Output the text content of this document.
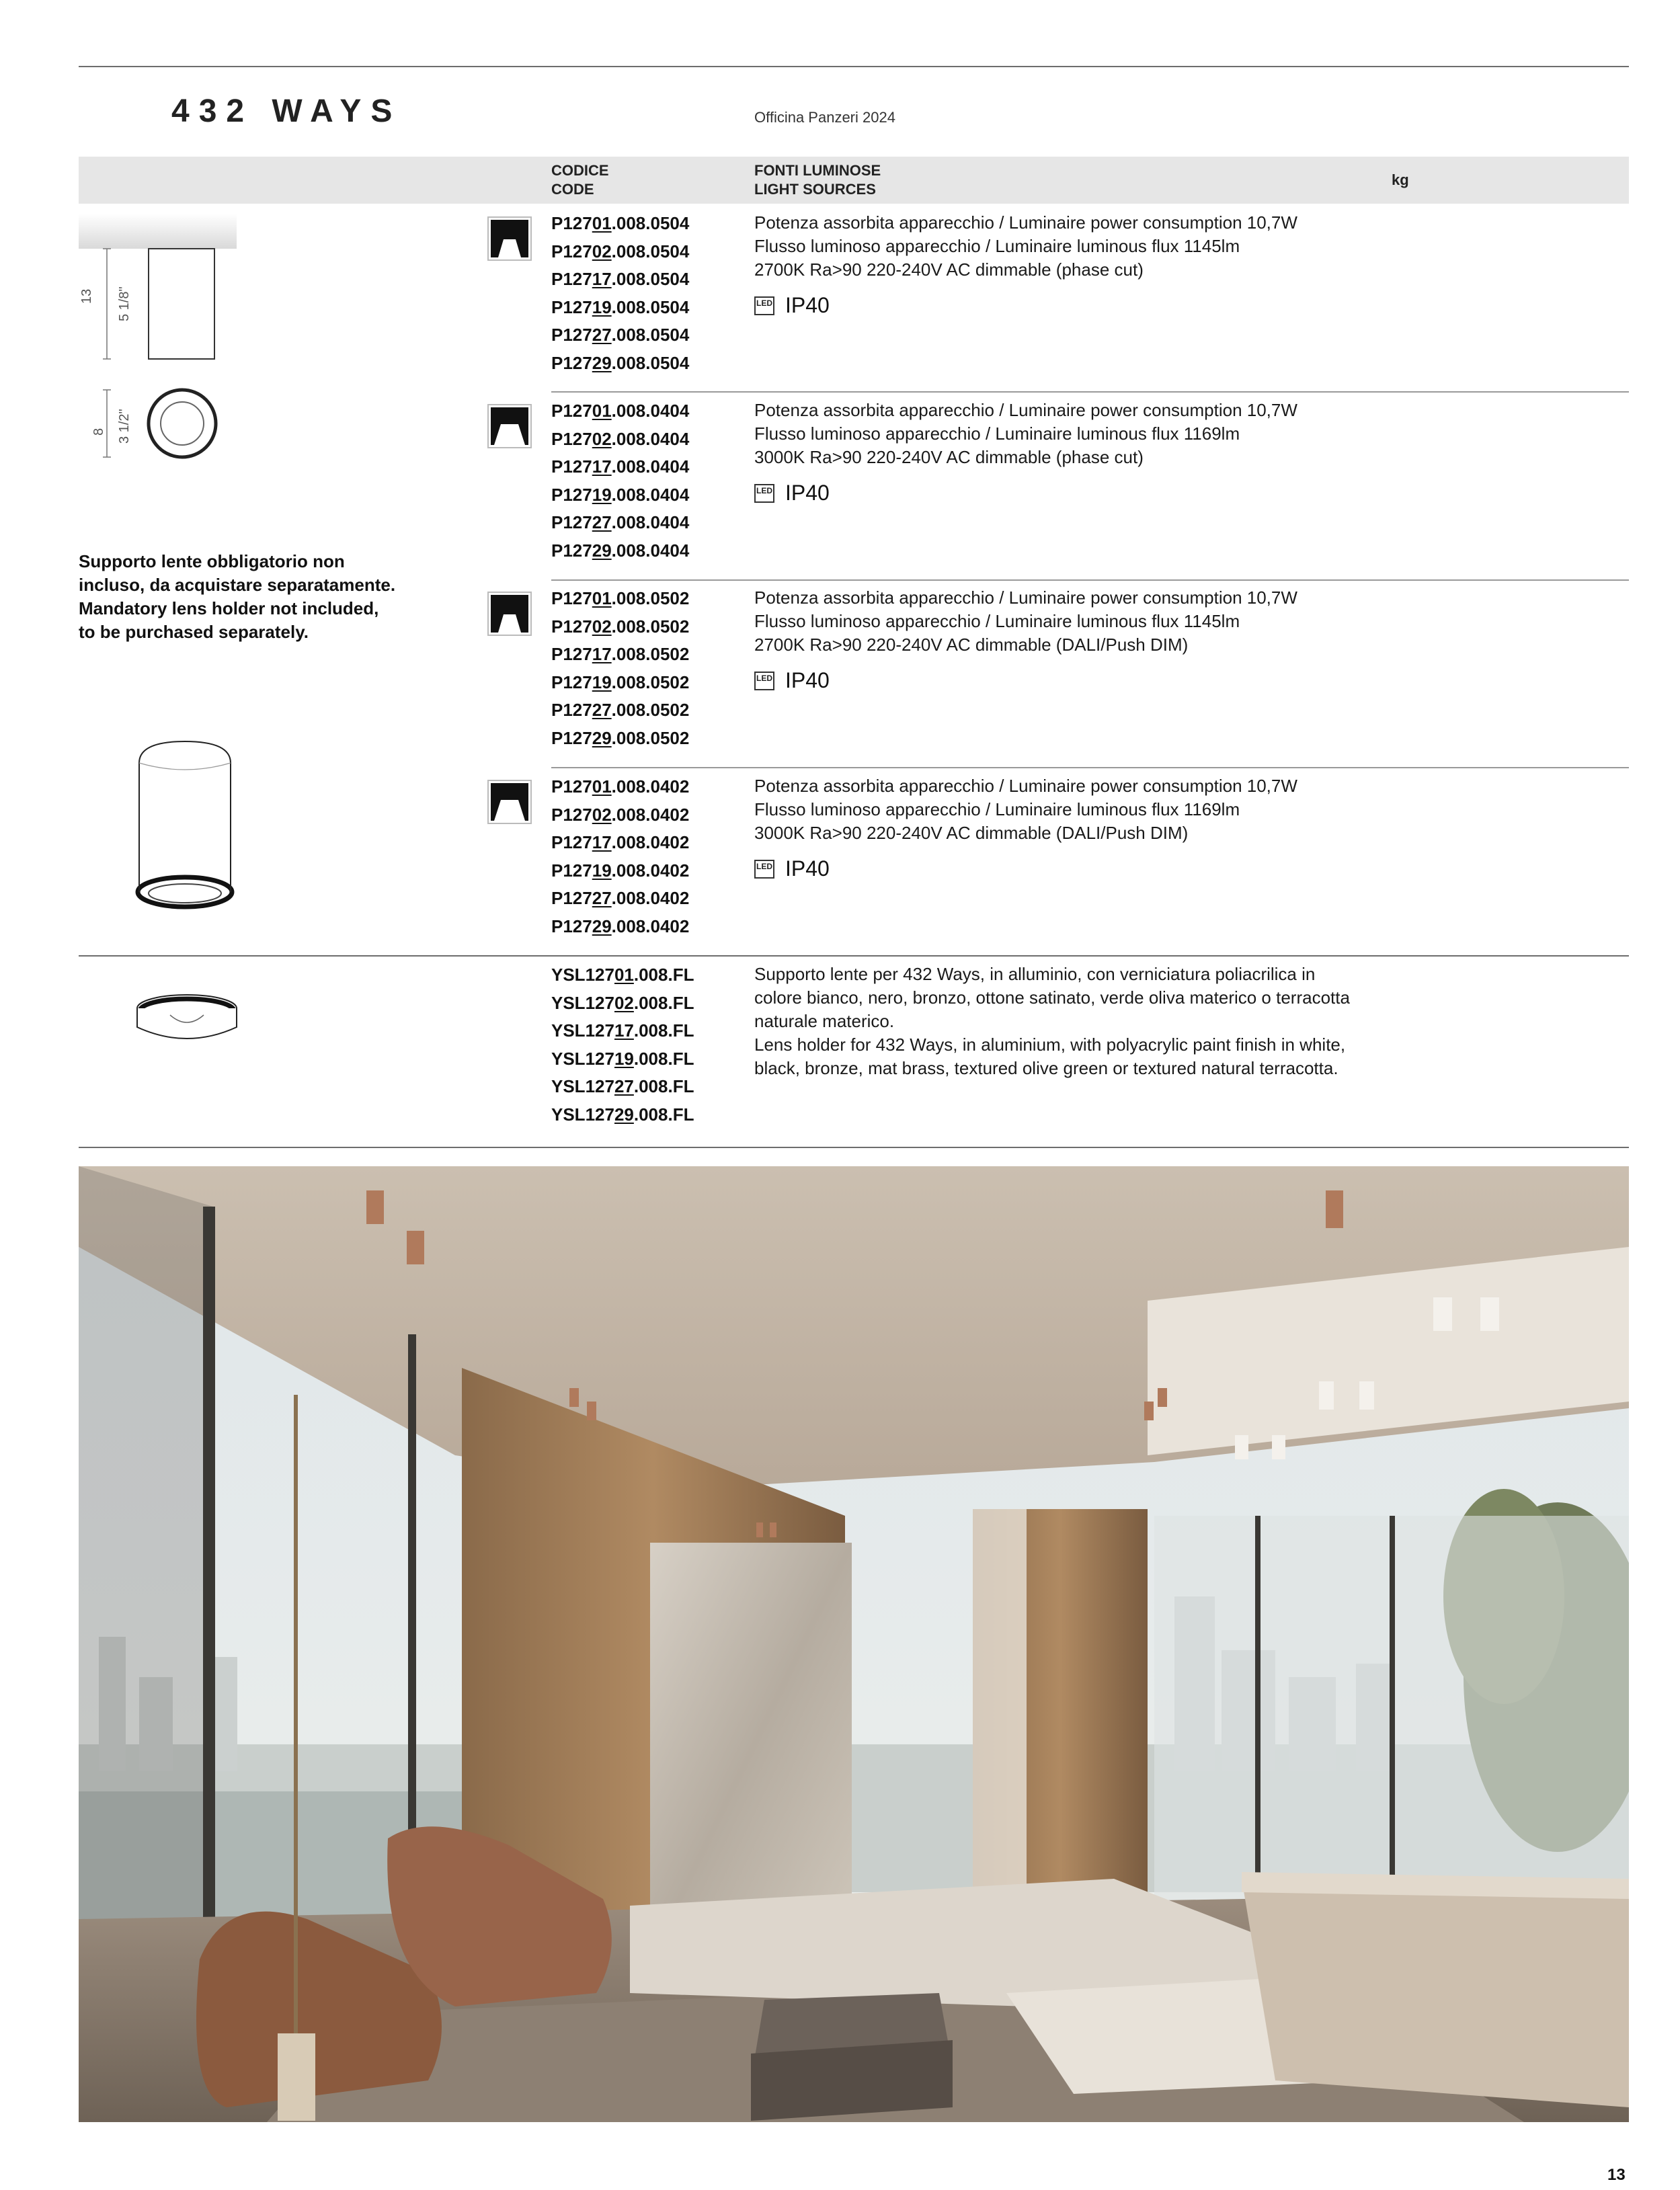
432 WAYS	Officina Panzeri 2024
CODICE
CODE
FONTI LUMINOSE
LIGHT SOURCES
kg
13 5 1/8"
8 3 1/2"
Supporto lente obbligatorio non
incluso, da acquistare separatamente.
Mandatory lens holder not included,
to be purchased separately.
P12701.008.0504
P12702.008.0504
P12717.008.0504
P12719.008.0504
P12727.008.0504
P12729.008.0504
Potenza assorbita apparecchio / Luminaire power consumption 10,7W
Flusso luminoso apparecchio / Luminaire luminous flux 1145lm
2700K Ra>90 220-240V AC dimmable (phase cut)
LED IP40
P12701.008.0404
P12702.008.0404
P12717.008.0404
P12719.008.0404
P12727.008.0404
P12729.008.0404
Potenza assorbita apparecchio / Luminaire power consumption 10,7W
Flusso luminoso apparecchio / Luminaire luminous flux 1169lm
3000K Ra>90 220-240V AC dimmable (phase cut)
LED IP40
P12701.008.0502
P12702.008.0502
P12717.008.0502
P12719.008.0502
P12727.008.0502
P12729.008.0502
Potenza assorbita apparecchio / Luminaire power consumption 10,7W
Flusso luminoso apparecchio / Luminaire luminous flux 1145lm
2700K Ra>90 220-240V AC dimmable (DALI/Push DIM)
LED IP40
P12701.008.0402
P12702.008.0402
P12717.008.0402
P12719.008.0402
P12727.008.0402
P12729.008.0402
Potenza assorbita apparecchio / Luminaire power consumption 10,7W
Flusso luminoso apparecchio / Luminaire luminous flux 1169lm
3000K Ra>90 220-240V AC dimmable (DALI/Push DIM)
LED IP40
YSL12701.008.FL
YSL12702.008.FL
YSL12717.008.FL
YSL12719.008.FL
YSL12727.008.FL
YSL12729.008.FL
Supporto lente per 432 Ways, in alluminio, con verniciatura poliacrilica in
colore bianco, nero, bronzo, ottone satinato, verde oliva materico o terracotta
naturale materico.
Lens holder for 432 Ways, in aluminium, with polyacrylic paint finish in white,
black, bronze, mat brass, textured olive green or textured natural terracotta.
13
